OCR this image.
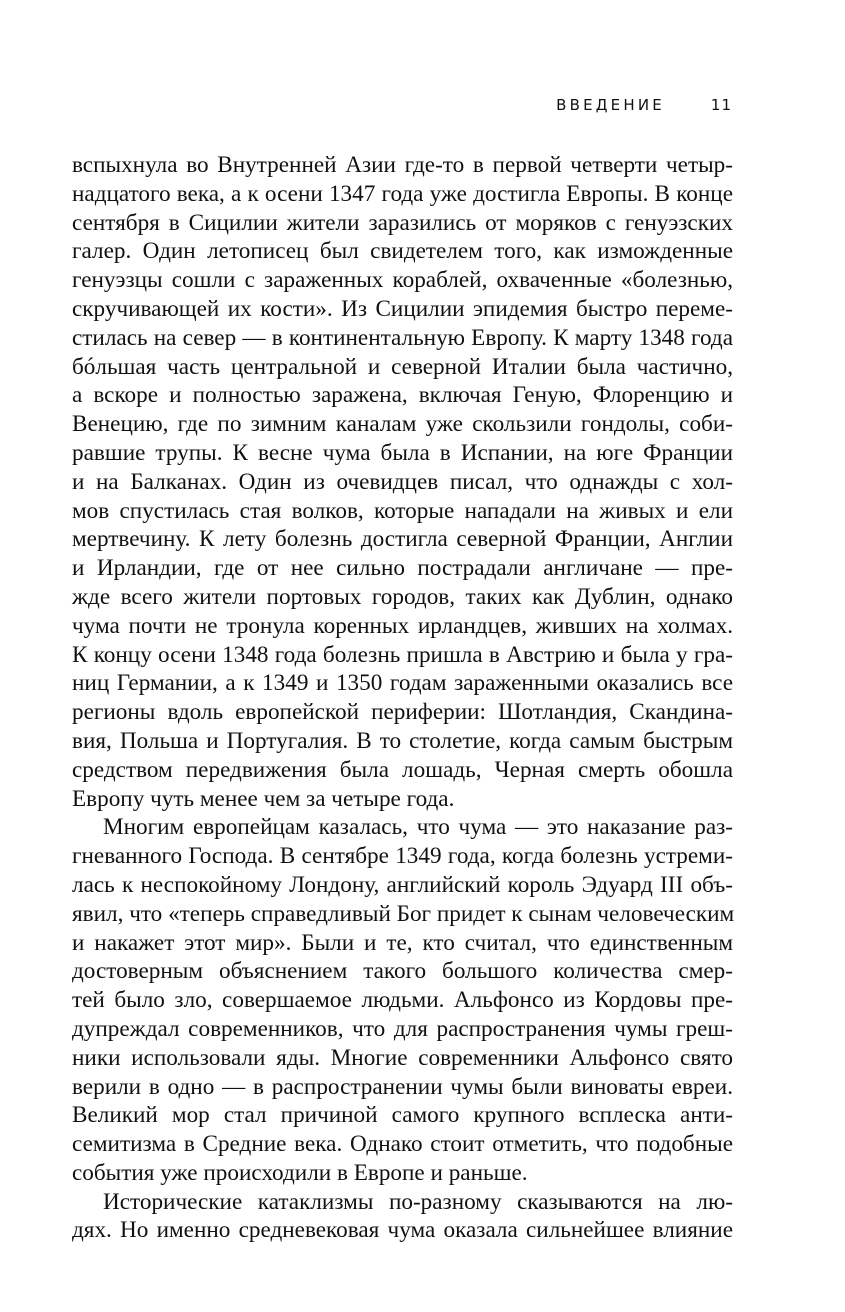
ВВЕДЕНИЕ	11
вспыхнула во Внутренней Азии где-то в первой четверти четыр-
надцатого века, а к осени 1347 года уже достигла Европы. В конце
сентября в Сицилии жители заразились от моряков с генуэзских
галер. Один летописец был свидетелем того, как изможденные
генуэзцы сошли с зараженных кораблей, охваченные «болезнью,
скручивающей их кости». Из Сицилии эпидемия быстро переме-
стилась на север — в континентальную Европу. К марту 1348 года
бóльшая часть центральной и северной Италии была частично,
а вскоре и полностью заражена, включая Геную, Флоренцию и
Венецию, где по зимним каналам уже скользили гондолы, соби-
равшие трупы. К весне чума была в Испании, на юге Франции
и на Балканах. Один из очевидцев писал, что однажды с хол-
мов спустилась стая волков, которые нападали на живых и ели
мертвечину. К лету болезнь достигла северной Франции, Англии
и Ирландии, где от нее сильно пострадали англичане — пре-
жде всего жители портовых городов, таких как Дублин, однако
чума почти не тронула коренных ирландцев, живших на холмах.
К концу осени 1348 года болезнь пришла в Австрию и была у гра-
ниц Германии, а к 1349 и 1350 годам зараженными оказались все
регионы вдоль европейской периферии: Шотландия, Скандина-
вия, Польша и Португалия. В то столетие, когда самым быстрым
средством передвижения была лошадь, Черная смерть обошла
Европу чуть менее чем за четыре года.
Многим европейцам казалась, что чума — это наказание раз-
гневанного Господа. В сентябре 1349 года, когда болезнь устреми-
лась к неспокойному Лондону, английский король Эдуард III объ-
явил, что «теперь справедливый Бог придет к сынам человеческим
и накажет этот мир». Были и те, кто считал, что единственным
достоверным объяснением такого большого количества смер-
тей было зло, совершаемое людьми. Альфонсо из Кордовы пре-
дупреждал современников, что для распространения чумы греш-
ники использовали яды. Многие современники Альфонсо свято
верили в одно — в распространении чумы были виноваты евреи.
Великий мор стал причиной самого крупного всплеска анти-
семитизма в Средние века. Однако стоит отметить, что подобные
события уже происходили в Европе и раньше.
Исторические катаклизмы по-разному сказываются на лю-
дях. Но именно средневековая чума оказала сильнейшее влияние
